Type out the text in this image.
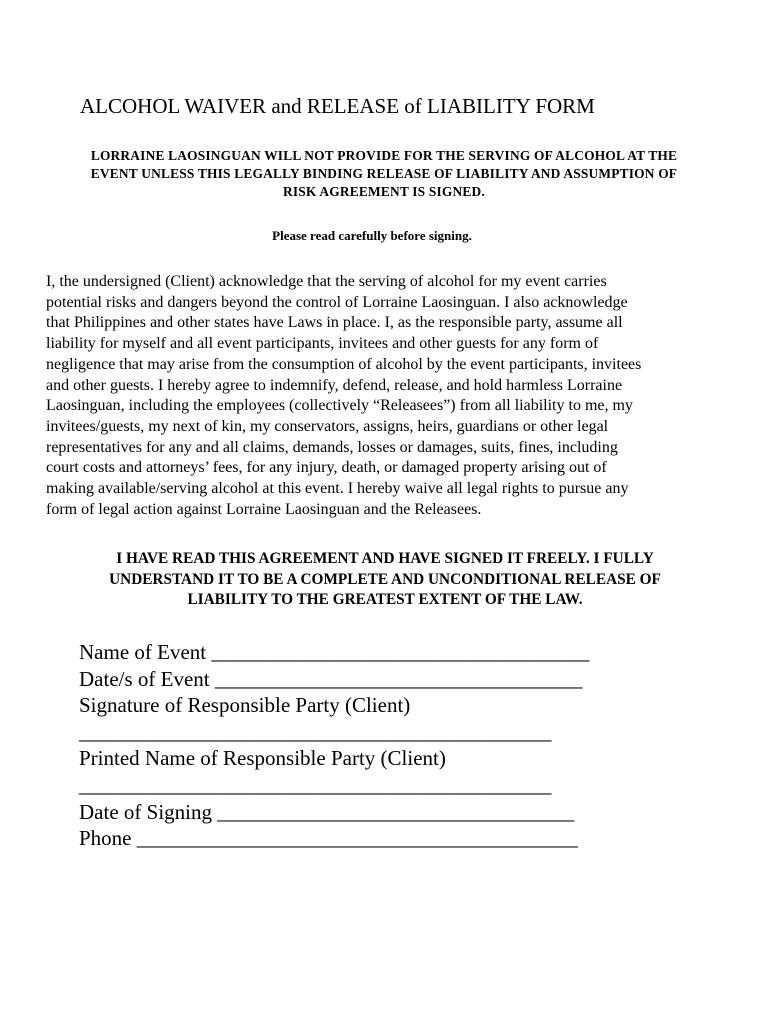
ALCOHOL WAIVER and RELEASE of LIABILITY FORM
LORRAINE LAOSINGUAN WILL NOT PROVIDE FOR THE SERVING OF ALCOHOL AT THE
EVENT UNLESS THIS LEGALLY BINDING RELEASE OF LIABILITY AND ASSUMPTION OF
RISK AGREEMENT IS SIGNED.
Please read carefully before signing.
I, the undersigned (Client) acknowledge that the serving of alcohol for my event carries
potential risks and dangers beyond the control of Lorraine Laosinguan. I also acknowledge
that Philippines and other states have Laws in place. I, as the responsible party, assume all
liability for myself and all event participants, invitees and other guests for any form of
negligence that may arise from the consumption of alcohol by the event participants, invitees
and other guests. I hereby agree to indemnify, defend, release, and hold harmless Lorraine
Laosinguan, including the employees (collectively “Releasees”) from all liability to me, my
invitees/guests, my next of kin, my conservators, assigns, heirs, guardians or other legal
representatives for any and all claims, demands, losses or damages, suits, fines, including
court costs and attorneys’ fees, for any injury, death, or damaged property arising out of
making available/serving alcohol at this event. I hereby waive all legal rights to pursue any
form of legal action against Lorraine Laosinguan and the Releasees.
I HAVE READ THIS AGREEMENT AND HAVE SIGNED IT FREELY. I FULLY
UNDERSTAND IT TO BE A COMPLETE AND UNCONDITIONAL RELEASE OF
LIABILITY TO THE GREATEST EXTENT OF THE LAW.
Name of Event ____________________________________
Date/s of Event ___________________________________
Signature of Responsible Party (Client)
_____________________________________________
Printed Name of Responsible Party (Client)
_____________________________________________
Date of Signing __________________________________
Phone __________________________________________
